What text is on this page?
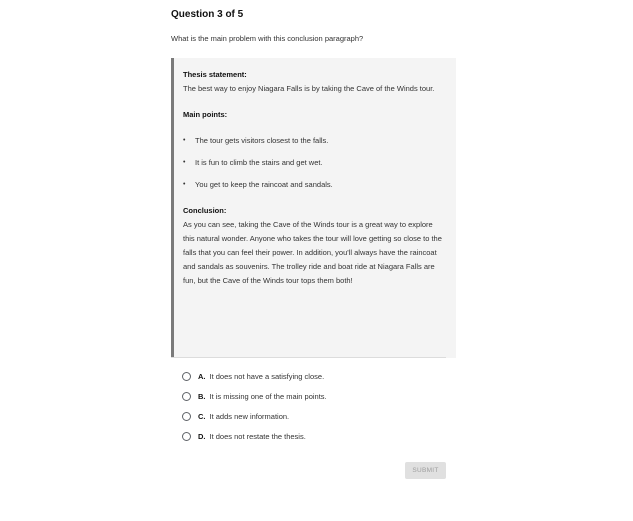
Question 3 of 5
What is the main problem with this conclusion paragraph?
Thesis statement:
The best way to enjoy Niagara Falls is by taking the Cave of the Winds tour.
Main points:
• The tour gets visitors closest to the falls.
• It is fun to climb the stairs and get wet.
• You get to keep the raincoat and sandals.
Conclusion:
As you can see, taking the Cave of the Winds tour is a great way to explore this natural wonder. Anyone who takes the tour will love getting so close to the falls that you can feel their power. In addition, you'll always have the raincoat and sandals as souvenirs. The trolley ride and boat ride at Niagara Falls are fun, but the Cave of the Winds tour tops them both!
A. It does not have a satisfying close.
B. It is missing one of the main points.
C. It adds new information.
D. It does not restate the thesis.
SUBMIT
